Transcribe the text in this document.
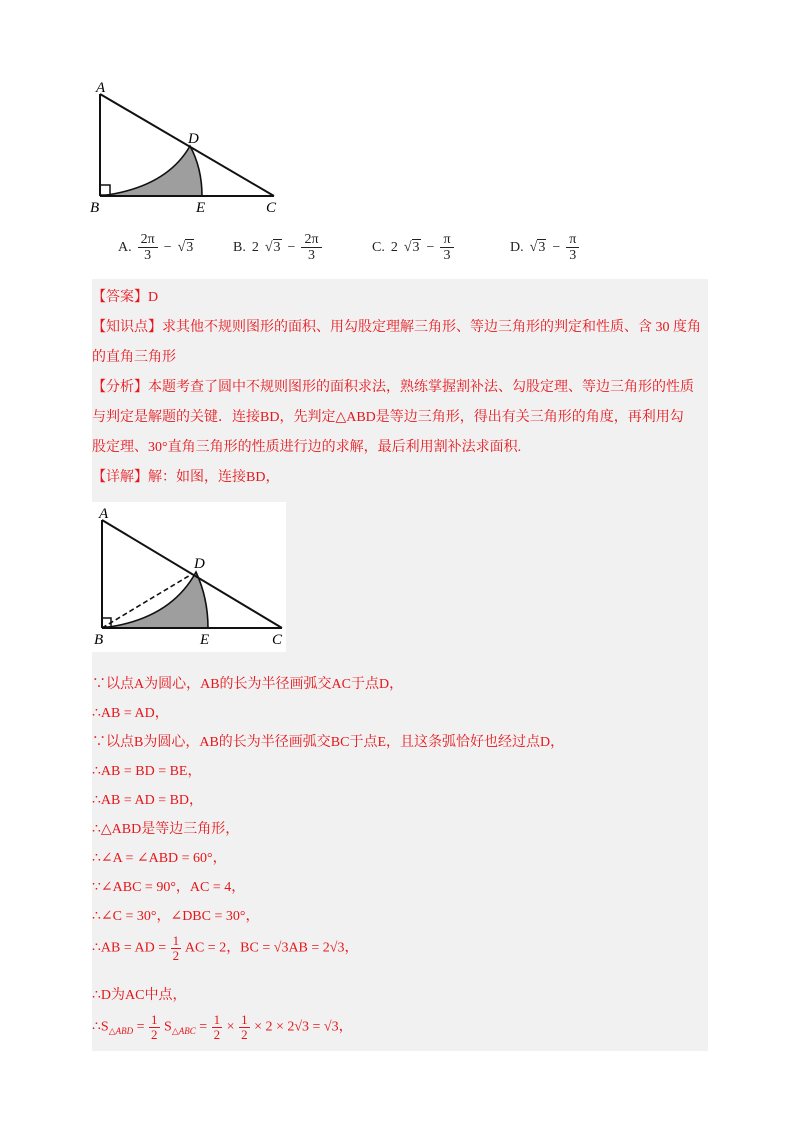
A
B	C
D
E
A. $\frac{2\pi}{3} - √3$	B. 2 $√3 - \frac{2\pi}{3}$	C. 2 $√3 - \frac{\pi}{3}$	D. $√3 - \frac{\pi}{3}$
【答案】D
【知识点】求其他不规则图形的面积、用勾股定理解三角形、等边三角形的判定和性质、含 30 度角
的直角三角形
【分析】本题考查了圆中不规则图形的面积求法，熟练掌握割补法、勾股定理、等边三角形的性质
与判定是解题的关键．连接BD，先判定△ABD是等边三角形，得出有关三角形的角度，再利用勾
股定理、30°直角三角形的性质进行边的求解，最后利用割补法求面积.
【详解】解：如图，连接BD，
A
B	C
D
E
∵以点A为圆心，AB的长为半径画弧交AC于点D，
∴AB = AD，
∵以点B为圆心，AB的长为半径画弧交BC于点E，且这条弧恰好也经过点D，
∴AB = BD = BE，
∴AB = AD = BD，
∴△ABD是等边三角形，
∴∠A = ∠ABD = 60°，
∵∠ABC = 90°，AC = 4，
∴∠C = 30°，∠DBC = 30°，
∴AB = AD = $\frac{1}{2}$ AC = 2，BC = √3AB = 2√3，
∴D为AC中点，
$\therefore S_{\triangle ABD} = \frac{1}{2} S_{\triangle ABC} = \frac{1}{2} \times \frac{1}{2} \times 2 \times 2√3 = √3$，
